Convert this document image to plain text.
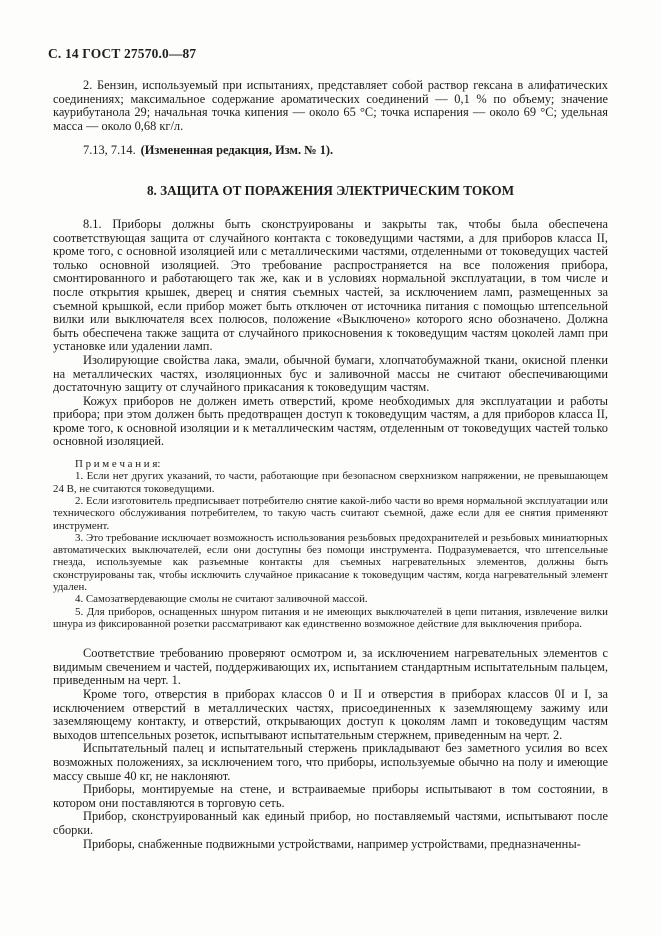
С. 14 ГОСТ 27570.0—87

2. Бензин, используемый при испытаниях, представляет собой раствор гексана в алифатических соединениях; максимальное содержание ароматических соединений — 0,1 % по объему; значение каурибутанола 29; начальная точка кипения — около 65 °С; точка испарения — около 69 °С; удельная масса — около 0,68 кг/л.

7.13, 7.14. (Измененная редакция, Изм. № 1).

8. ЗАЩИТА ОТ ПОРАЖЕНИЯ ЭЛЕКТРИЧЕСКИМ ТОКОМ

8.1. Приборы должны быть сконструированы и закрыты так, чтобы была обеспечена соответствующая защита от случайного контакта с токоведущими частями, а для приборов класса II, кроме того, с основной изоляцией или с металлическими частями, отделенными от токоведущих частей только основной изоляцией. Это требование распространяется на все положения прибора, смонтированного и работающего так же, как и в условиях нормальной эксплуатации, в том числе и после открытия крышек, дверец и снятия съемных частей, за исключением ламп, размещенных за съемной крышкой, если прибор может быть отключен от источника питания с помощью штепсельной вилки или выключателя всех полюсов, положение «Выключено» которого ясно обозначено. Должна быть обеспечена также защита от случайного прикосновения к токоведущим частям цоколей ламп при установке или удалении ламп.

Изолирующие свойства лака, эмали, обычной бумаги, хлопчатобумажной ткани, окисной пленки на металлических частях, изоляционных бус и заливочной массы не считают обеспечивающими достаточную защиту от случайного прикасания к токоведущим частям.

Кожух приборов не должен иметь отверстий, кроме необходимых для эксплуатации и работы прибора; при этом должен быть предотвращен доступ к токоведущим частям, а для приборов класса II, кроме того, к основной изоляции и к металлическим частям, отделенным от токоведущих частей только основной изоляцией.

П р и м е ч а н и я:

1. Если нет других указаний, то части, работающие при безопасном сверхнизком напряжении, не превышающем 24 В, не считаются токоведущими.

2. Если изготовитель предписывает потребителю снятие какой-либо части во время нормальной эксплуатации или технического обслуживания потребителем, то такую часть считают съемной, даже если для ее снятия применяют инструмент.

3. Это требование исключает возможность использования резьбовых предохранителей и резьбовых миниатюрных автоматических выключателей, если они доступны без помощи инструмента. Подразумевается, что штепсельные гнезда, используемые как разъемные контакты для съемных нагревательных элементов, должны быть сконструированы так, чтобы исключить случайное прикасание к токоведущим частям, когда нагревательный элемент удален.

4. Самозатвердевающие смолы не считают заливочной массой.

5. Для приборов, оснащенных шнуром питания и не имеющих выключателей в цепи питания, извлечение вилки шнура из фиксированной розетки рассматривают как единственно возможное действие для выключения прибора.

Соответствие требованию проверяют осмотром и, за исключением нагревательных элементов с видимым свечением и частей, поддерживающих их, испытанием стандартным испытательным пальцем, приведенным на черт. 1.

Кроме того, отверстия в приборах классов 0 и II и отверстия в приборах классов 0I и I, за исключением отверстий в металлических частях, присоединенных к заземляющему зажиму или заземляющему контакту, и отверстий, открывающих доступ к цоколям ламп и токоведущим частям выходов штепсельных розеток, испытывают испытательным стержнем, приведенным на черт. 2.

Испытательный палец и испытательный стержень прикладывают без заметного усилия во всех возможных положениях, за исключением того, что приборы, используемые обычно на полу и имеющие массу свыше 40 кг, не наклоняют.

Приборы, монтируемые на стене, и встраиваемые приборы испытывают в том состоянии, в котором они поставляются в торговую сеть.

Прибор, сконструированный как единый прибор, но поставляемый частями, испытывают после сборки.

Приборы, снабженные подвижными устройствами, например устройствами, предназначенны-
